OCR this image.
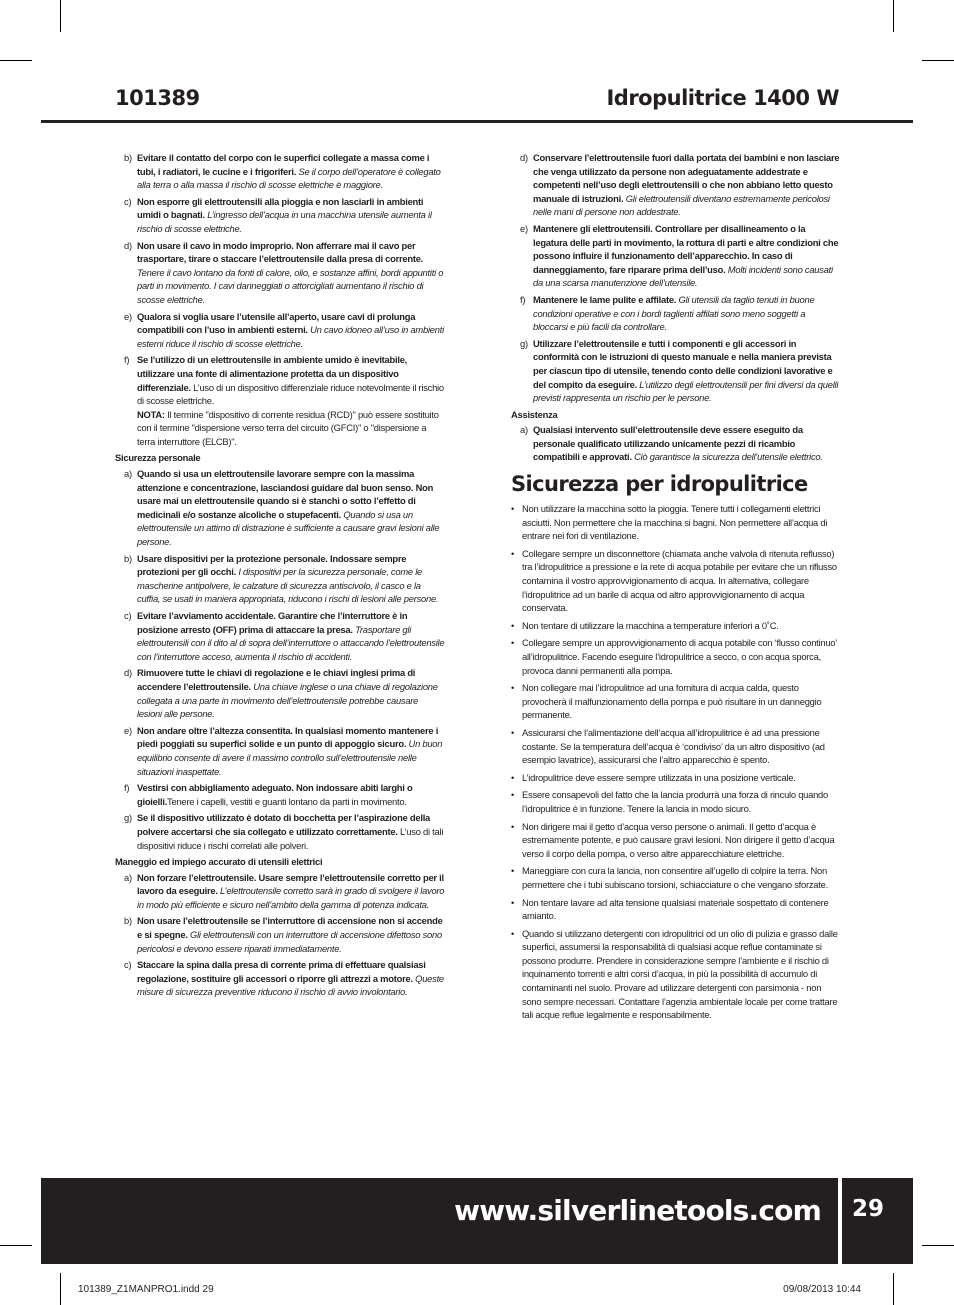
101389	Idropulitrice 1400 W
b) Evitare il contatto del corpo con le superfici collegate a massa come i tubi, i radiatori, le cucine e i frigoriferi. Se il corpo dell’operatore è collegato alla terra o alla massa il rischio di scosse elettriche è maggiore.
c) Non esporre gli elettroutensili alla pioggia e non lasciarli in ambienti umidi o bagnati. L’ingresso dell’acqua in una macchina utensile aumenta il rischio di scosse elettriche.
d) Non usare il cavo in modo improprio. Non afferrare mai il cavo per trasportare, tirare o staccare l’elettroutensile dalla presa di corrente. Tenere il cavo lontano da fonti di calore, olio, e sostanze affini, bordi appuntiti o parti in movimento. I cavi danneggiati o attorcigliati aumentano il rischio di scosse elettriche.
e) Qualora si voglia usare l’utensile all’aperto, usare cavi di prolunga compatibili con l’uso in ambienti esterni. Un cavo idoneo all’uso in ambienti esterni riduce il rischio di scosse elettriche.
f) Se l’utilizzo di un elettroutensile in ambiente umido è inevitabile, utilizzare una fonte di alimentazione protetta da un dispositivo differenziale. L’uso di un dispositivo differenziale riduce notevolmente il rischio di scosse elettriche.
NOTA: Il termine "dispositivo di corrente residua (RCD)" può essere sostituito con il termine "dispersione verso terra del circuito (GFCI)" o "dispersione a terra interruttore (ELCB)".
Sicurezza personale
a) Quando si usa un elettroutensile lavorare sempre con la massima attenzione e concentrazione, lasciandosi guidare dal buon senso. Non usare mai un elettroutensile quando si è stanchi o sotto l’effetto di medicinali e/o sostanze alcoliche o stupefacenti. Quando si usa un elettroutensile un attimo di distrazione è sufficiente a causare gravi lesioni alle persone.
b) Usare dispositivi per la protezione personale. Indossare sempre protezioni per gli occhi. I dispositivi per la sicurezza personale, come le mascherine antipolvere, le calzature di sicurezza antiscivolo, il casco e la cuffia, se usati in maniera appropriata, riducono i rischi di lesioni alle persone.
c) Evitare l’avviamento accidentale. Garantire che l’interruttore è in posizione arresto (OFF) prima di attaccare la presa. Trasportare gli elettroutensili con il dito al di sopra dell’interruttore o attaccando l’elettroutensile con l’interruttore acceso, aumenta il rischio di accidenti.
d) Rimuovere tutte le chiavi di regolazione e le chiavi inglesi prima di accendere l’elettroutensile. Una chiave inglese o una chiave di regolazione collegata a una parte in movimento dell’elettroutensile potrebbe causare lesioni alle persone.
e) Non andare oltre l’altezza consentita. In qualsiasi momento mantenere i piedi poggiati su superfici solide e un punto di appoggio sicuro. Un buon equilibrio consente di avere il massimo controllo sull’elettroutensile nelle situazioni inaspettate.
f) Vestirsi con abbigliamento adeguato. Non indossare abiti larghi o gioielli.Tenere i capelli, vestiti e guanti lontano da parti in movimento.
g) Se il dispositivo utilizzato è dotato di bocchetta per l’aspirazione della polvere accertarsi che sia collegato e utilizzato correttamente. L’uso di tali dispositivi riduce i rischi correlati alle polveri.
Maneggio ed impiego accurato di utensili elettrici
a) Non forzare l’elettroutensile. Usare sempre l’elettroutensile corretto per il lavoro da eseguire. L’elettroutensile corretto sarà in grado di svolgere il lavoro in modo più efficiente e sicuro nell’ambito della gamma di potenza indicata.
b) Non usare l’elettroutensile se l’interruttore di accensione non si accende e si spegne. Gli elettroutensili con un interruttore di accensione difettoso sono pericolosi e devono essere riparati immediatamente.
c) Staccare la spina dalla presa di corrente prima di effettuare qualsiasi regolazione, sostituire gli accessori o riporre gli attrezzi a motore. Queste misure di sicurezza preventive riducono il rischio di avvio involontario.
d) Conservare l’elettroutensile fuori dalla portata dei bambini e non lasciare che venga utilizzato da persone non adeguatamente addestrate e competenti nell’uso degli elettroutensili o che non abbiano letto questo manuale di istruzioni. Gli elettroutensili diventano estremamente pericolosi nelle mani di persone non addestrate.
e) Mantenere gli elettroutensili. Controllare per disallineamento o la legatura delle parti in movimento, la rottura di parti e altre condizioni che possono influire il funzionamento dell’apparecchio. In caso di danneggiamento, fare riparare prima dell’uso. Molti incidenti sono causati da una scarsa manutenzione dell’utensile.
f) Mantenere le lame pulite e affilate. Gli utensili da taglio tenuti in buone condizioni operative e con i bordi taglienti affilati sono meno soggetti a bloccarsi e più facili da controllare.
g) Utilizzare l’elettroutensile e tutti i componenti e gli accessori in conformità con le istruzioni di questo manuale e nella maniera prevista per ciascun tipo di utensile, tenendo conto delle condizioni lavorative e del compito da eseguire. L’utilizzo degli elettroutensili per fini diversi da quelli previsti rappresenta un rischio per le persone.
Assistenza
a) Qualsiasi intervento sull’elettroutensile deve essere eseguito da personale qualificato utilizzando unicamente pezzi di ricambio compatibili e approvati. Ciò garantisce la sicurezza dell’utensile elettrico.
Sicurezza per idropulitrice
• Non utilizzare la macchina sotto la pioggia. Tenere tutti i collegamenti elettrici asciutti. Non permettere che la macchina si bagni. Non permettere all’acqua di entrare nei fori di ventilazione.
• Collegare sempre un disconnettore (chiamata anche valvola di ritenuta reflusso) tra l’idropulitrice a pressione e la rete di acqua potabile per evitare che un riflusso contamina il vostro approvvigionamento di acqua. In alternativa, collegare l’idropulitrice ad un barile di acqua od altro approvvigionamento di acqua conservata.
• Non tentare di utilizzare la macchina a temperature inferiori a 0˚C.
• Collegare sempre un approvvigionamento di acqua potabile con ‘flusso continuo’ all’idropulitrice. Facendo eseguire l’idropulitrice a secco, o con acqua sporca, provoca danni permanenti alla pompa.
• Non collegare mai l’idropulitrice ad una fornitura di acqua calda, questo provocherà il malfunzionamento della pompa e può risultare in un danneggio permanente.
• Assicurarsi che l’alimentazione dell’acqua all’idropulitrice è ad una pressione costante. Se la temperatura dell’acqua è ‘condiviso’ da un altro dispositivo (ad esempio lavatrice), assicurarsi che l’altro apparecchio è spento.
• L’idropulitrice deve essere sempre utilizzata in una posizione verticale.
• Essere consapevoli del fatto che la lancia produrrà una forza di rinculo quando l’idropulitrice è in funzione. Tenere la lancia in modo sicuro.
• Non dirigere mai il getto d’acqua verso persone o animali. Il getto d’acqua è estremamente potente, e può causare gravi lesioni. Non dirigere il getto d’acqua verso il corpo della pompa, o verso altre apparecchiature elettriche.
• Maneggiare con cura la lancia, non consentire all’ugello di colpire la terra. Non permettere che i tubi subiscano torsioni, schiacciature o che vengano sforzate.
• Non tentare lavare ad alta tensione qualsiasi materiale sospettato di contenere amianto.
• Quando si utilizzano detergenti con idropulitrici od un olio di pulizia e grasso dalle superfici, assumersi la responsabilità di qualsiasi acque reflue contaminate si possono produrre. Prendere in considerazione sempre l’ambiente e il rischio di inquinamento torrenti e altri corsi d’acqua, in più la possibilità di accumulo di contaminanti nel suolo. Provare ad utilizzare detergenti con parsimonia - non sono sempre necessari. Contattare l’agenzia ambientale locale per come trattare tali acque reflue legalmente e responsabilmente.
www.silverlinetools.com 29
101389_Z1MANPRO1.indd 29	09/08/2013 10:44
